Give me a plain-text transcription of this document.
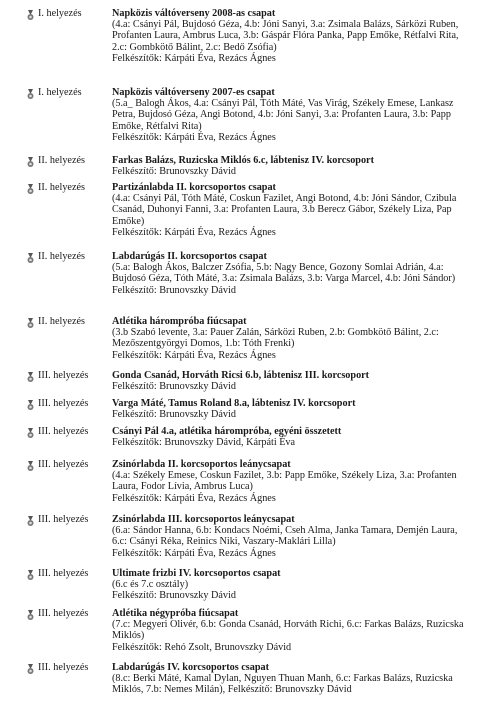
I. helyezés	Napközis váltóverseny 2008-as csapat
(4.a: Csányi Pál, Bujdosó Géza, 4.b: Jóni Sanyi, 3.a: Zsimala Balázs, Sárközi Ruben, Profanten Laura, Ambrus Luca, 3.b: Gáspár Flóra Panka, Papp Emőke, Rétfalvi Rita, 2.c: Gombkötő Bálint, 2.c: Bedő Zsófia)
Felkészítők: Kárpáti Éva, Rezács Ágnes
I. helyezés	Napközis váltóverseny 2007-es csapat
(5.a_ Balogh Ákos, 4.a: Csányi Pál, Tóth Máté, Vas Virág, Székely Emese, Lankasz Petra, Bujdosó Géza, Angi Botond, 4.b: Jóni Sanyi, 3.a: Profanten Laura, 3.b: Papp Emőke, Rétfalvi Rita)
Felkészítők: Kárpáti Éva, Rezács Ágnes
II. helyezés	Farkas Balázs, Ruzicska Miklós 6.c, lábtenisz IV. korcsoport
Felkészítő: Brunovszky Dávid
II. helyezés	Partizánlabda II. korcsoportos csapat
(4.a: Csányi Pál, Tóth Máté, Coskun Fazilet, Angi Botond, 4.b: Jóni Sándor, Czibula Csanád, Duhonyi Fanni, 3.a: Profanten Laura, 3.b Berecz Gábor, Székely Liza, Pap Emőke)
Felkészítők: Kárpáti Éva, Rezács Ágnes
II. helyezés	Labdarúgás II. korcsoportos csapat
(5.a: Balogh Ákos, Balczer Zsófia, 5.b: Nagy Bence, Gozony Somlai Adrián, 4.a: Bujdosó Géza, Tóth Máté, 3.a: Zsimala Balázs, 3.b: Varga Marcel, 4.b: Jóni Sándor)
Felkészítő: Brunovszky Dávid
II. helyezés	Atlétika hárompróba fiúcsapat
(3.b Szabó levente, 3.a: Pauer Zalán, Sárközi Ruben, 2.b: Gombkötő Bálint, 2.c: Mezőszentgyörgyi Domos, 1.b: Tóth Frenki)
Felkészítők: Kárpáti Éva, Rezács Ágnes
III. helyezés Gonda Csanád, Horváth Ricsi 6.b, lábtenisz III. korcsoport
Felkészítő: Brunovszky Dávid
III. helyezés Varga Máté, Tamus Roland 8.a, lábtenisz IV. korcsoport
Felkészítő: Brunovszky Dávid
III. helyezés Csányi Pál 4.a, atlétika hárompróba, egyéni összetett
Felkészítők: Brunovszky Dávid, Kárpáti Éva
III. helyezés Zsinórlabda II. korcsoportos leánycsapat
(4.a: Székely Emese, Coskun Fazilet, 3.b: Papp Emőke, Székely Liza, 3.a: Profanten Laura, Fodor Lívia, Ambrus Luca)
Felkészítők: Kárpáti Éva, Rezács Ágnes
III. helyezés Zsinórlabda III. korcsoportos leánycsapat
(6.a: Sándor Hanna, 6.b: Kondacs Noémi, Cseh Alma, Janka Tamara, Demjén Laura, 6.c: Csányi Réka, Reinics Niki, Vaszary-Maklári Lilla)
Felkészítők: Kárpáti Éva, Rezács Ágnes
III. helyezés Ultimate frizbi IV. korcsoportos csapat
(6.c és 7.c osztály)
Felkészítő: Brunovszky Dávid
III. helyezés Atlétika négypróba fiúcsapat
(7.c: Megyeri Olivér, 6.b: Gonda Csanád, Horváth Richi, 6.c: Farkas Balázs, Ruzicska Miklós)
Felkészítők: Rehó Zsolt, Brunovszky Dávid
III. helyezés Labdarúgás IV. korcsoportos csapat
(8.c: Berki Máté, Kamal Dylan, Nguyen Thuan Manh, 6.c: Farkas Balázs, Ruzicska Miklós, 7.b: Nemes Milán), Felkészítő: Brunovszky Dávid
